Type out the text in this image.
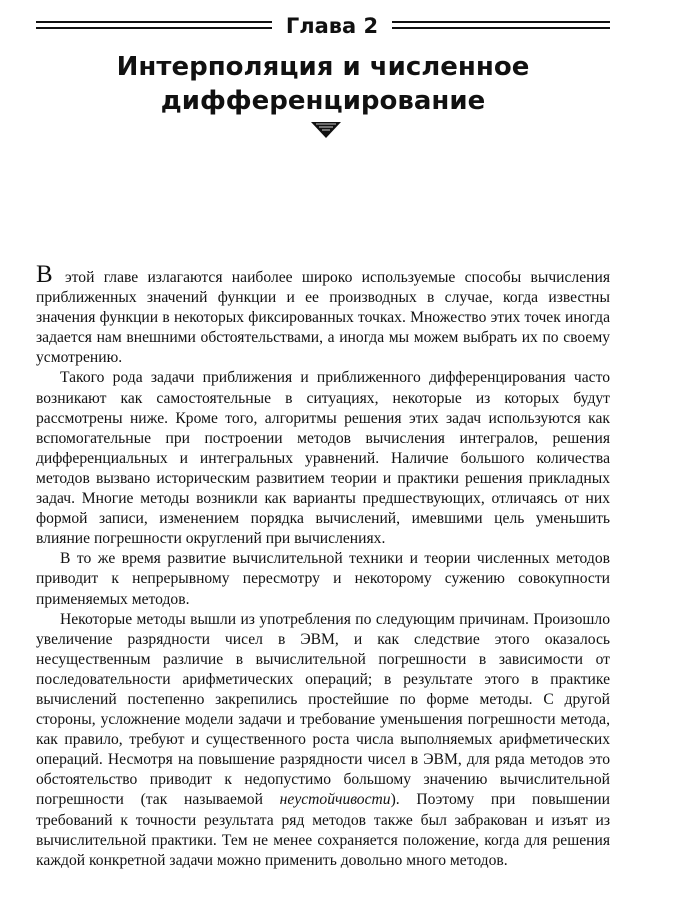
Глава 2
Интерполяция и численное
дифференцирование

В этой главе излагаются наиболее широко используемые способы вычисления приближенных значений функции и ее производных в случае, когда известны значения функции в некоторых фиксированных точках. Множество этих точек иногда задается нам внешними обстоятельствами, а иногда мы можем выбрать их по своему усмотрению.

Такого рода задачи приближения и приближенного дифференцирования часто возникают как самостоятельные в ситуациях, некоторые из которых будут рассмотрены ниже. Кроме того, алгоритмы решения этих задач используются как вспомогательные при построении методов вычисления интегралов, решения дифференциальных и интегральных уравнений. Наличие большого количества методов вызвано историческим развитием теории и практики решения прикладных задач. Многие методы возникли как варианты предшествующих, отличаясь от них формой записи, изменением порядка вычислений, имевшими цель уменьшить влияние погрешности округлений при вычислениях.

В то же время развитие вычислительной техники и теории численных методов приводит к непрерывному пересмотру и некоторому сужению совокупности применяемых методов.

Некоторые методы вышли из употребления по следующим причинам. Произошло увеличение разрядности чисел в ЭВМ, и как следствие этого оказалось несущественным различие в вычислительной погрешности в зависимости от последовательности арифметических операций; в результате этого в практике вычислений постепенно закрепились простейшие по форме методы. С другой стороны, усложнение модели задачи и требование уменьшения погрешности метода, как правило, требуют и существенного роста числа выполняемых арифметических операций. Несмотря на повышение разрядности чисел в ЭВМ, для ряда методов это обстоятельство приводит к недопустимо большому значению вычислительной погрешности (так называемой неустойчивости). Поэтому при повышении требований к точности результата ряд методов также был забракован и изъят из вычислительной практики. Тем не менее сохраняется положение, когда для решения каждой конкретной задачи можно применить довольно много методов.
